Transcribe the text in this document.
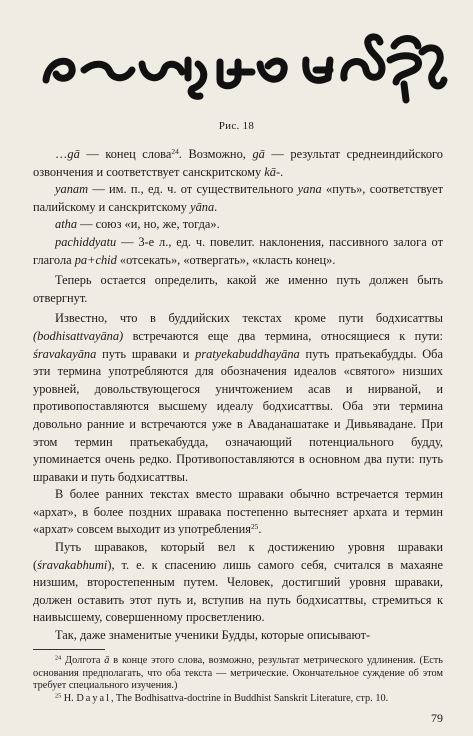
Рис. 18

…gā — конец слова$^{24}$. Возможно, gā — результат среднеиндийского озвончения и соответствует санскритскому kā-.

yanam — им. п., ед. ч. от существительного yana «путь», соответствует палийскому и санскритскому yāna.

atha — союз «и, но, же, тогда».

pachiddyatu — 3-е л., ед. ч. повелит. наклонения, пассивного залога от глагола pa+chid «отсекать», «отвергать», «класть конец».

Теперь остается определить, какой же именно путь должен быть отвергнут.

Известно, что в буддийских текстах кроме пути бодхисаттвы (bodhisattvayāna) встречаются еще два термина, относящиеся к пути: śravakayāna путь шраваки и pratyekabuddhayāna путь пратьекабудды. Оба эти термина употребляются для обозначения идеалов «святого» низших уровней, довольствующегося уничтожением асав и нирваной, и противопоставляются высшему идеалу бодхисаттвы. Оба эти термина довольно ранние и встречаются уже в Аваданашатаке и Дивьявадане. При этом термин пратьекабудда, означающий потенциального будду, упоминается очень редко. Противопоставляются в основном два пути: путь шраваки и путь бодхисаттвы.

В более ранних текстах вместо шраваки обычно встречается термин «архат», в более поздних шравака постепенно вытесняет архата и термин «архат» совсем выходит из употребления$^{25}$.

Путь шраваков, который вел к достижению уровня шраваки (śravakabhumi), т. е. к спасению лишь самого себя, считался в махаяне низшим, второстепенным путем. Человек, достигший уровня шраваки, должен оставить этот путь и, вступив на путь бодхисаттвы, стремиться к наивысшему, совершенному просветлению.

Так, даже знаменитые ученики Будды, которые описывают-

$^{24}$ Долгота ā в конце этого слова, возможно, результат метрического удлинения. (Есть основания предполагать, что оба текста — метрические. Окончательное суждение об этом требует специального изучения.)

$^{25}$ H. Dayal, The Bodhisattva-doctrine in Buddhist Sanskrit Literature, стр. 10.

79
